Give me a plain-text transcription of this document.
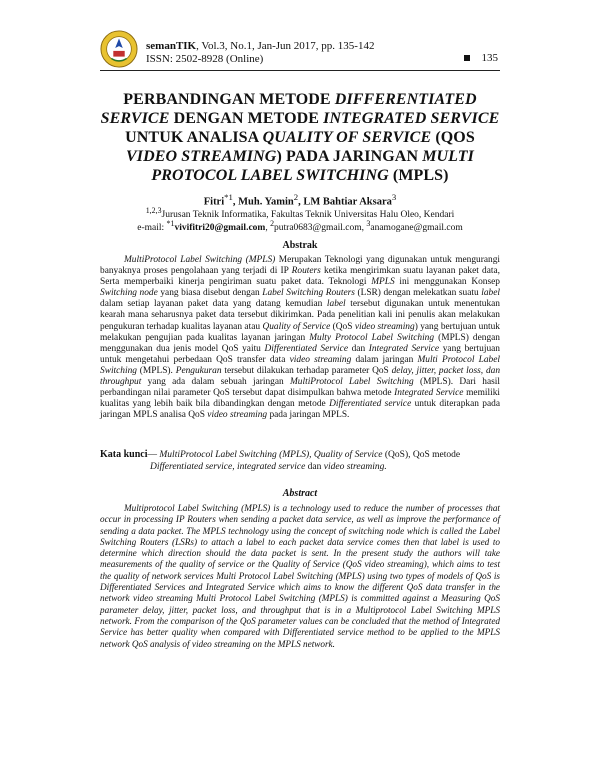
semanTIK, Vol.3, No.1, Jan-Jun 2017, pp. 135-142
ISSN: 2502-8928 (Online)	135
PERBANDINGAN METODE DIFFERENTIATED
SERVICE DENGAN METODE INTEGRATED SERVICE
UNTUK ANALISA QUALITY OF SERVICE (QOS
VIDEO STREAMING) PADA JARINGAN MULTI
PROTOCOL LABEL SWITCHING (MPLS)
Fitri$^{*1}$, Muh. Yamin$^2$, LM Bahtiar Aksara$^3$
$^{1,2,3}$Jurusan Teknik Informatika, Fakultas Teknik Universitas Halu Oleo, Kendari
e-mail: $^{*1}$vivifitri20@gmail.com, $^2$putra0683@gmail.com, $^3$anamogane@gmail.com
Abstrak
MultiProtocol Label Switching (MPLS) Merupakan Teknologi yang digunakan untuk mengurangi banyaknya proses pengolahaan yang terjadi di IP Routers ketika mengirimkan suatu layanan paket data, Serta memperbaiki kinerja pengiriman suatu paket data. Teknologi MPLS ini menggunakan Konsep Switching node yang biasa disebut dengan Label Switching Routers (LSR) dengan melekatkan suatu label dalam setiap layanan paket data yang datang kemudian label tersebut digunakan untuk menentukan kearah mana seharusnya paket data tersebut dikirimkan. Pada penelitian kali ini penulis akan melakukan pengukuran terhadap kualitas layanan atau Quality of Service (QoS video streaming) yang bertujuan untuk melakukan pengujian pada kualitas layanan jaringan Multy Protocol Label Switching (MPLS) dengan menggunakan dua jenis model QoS yaitu Differentiated Service dan Integrated Service yang bertujuan untuk mengetahui perbedaan QoS transfer data video streaming dalam jaringan Multi Protocol Label Switching (MPLS). Pengukuran tersebut dilakukan terhadap parameter QoS delay, jitter, packet loss, dan throughput yang ada dalam sebuah jaringan MultiProtocol Label Switching (MPLS). Dari hasil perbandingan nilai parameter QoS tersebut dapat disimpulkan bahwa metode Integrated Service memiliki kualitas yang lebih baik bila dibandingkan dengan metode Differentiated service untuk diterapkan pada jaringan MPLS analisa QoS video streaming pada jaringan MPLS.
Kata kunci— MultiProtocol Label Switching (MPLS), Quality of Service (QoS), QoS metode
Differentiated service, integrated service dan video streaming.
Abstract
Multiprotocol Label Switching (MPLS) is a technology used to reduce the number of processes that occur in processing IP Routers when sending a packet data service, as well as improve the performance of sending a data packet. The MPLS technology using the concept of switching node which is called the Label Switching Routers (LSRs) to attach a label to each packet data service comes then that label is used to determine which direction should the data packet is sent. In the present study the authors will take measurements of the quality of service or the Quality of Service (QoS video streaming), which aims to test the quality of network services Multi Protocol Label Switching (MPLS) using two types of models of QoS is Differentiated Services and Integrated Service which aims to know the different QoS data transfer in the network video streaming Multi Protocol Label Switching (MPLS) is committed against a Measuring QoS parameter delay, jitter, packet loss, and throughput that is in a Multiprotocol Label Switching MPLS network. From the comparison of the QoS parameter values can be concluded that the method of Integrated Service has better quality when compared with Differentiated service method to be applied to the MPLS network QoS analysis of video streaming on the MPLS network.
